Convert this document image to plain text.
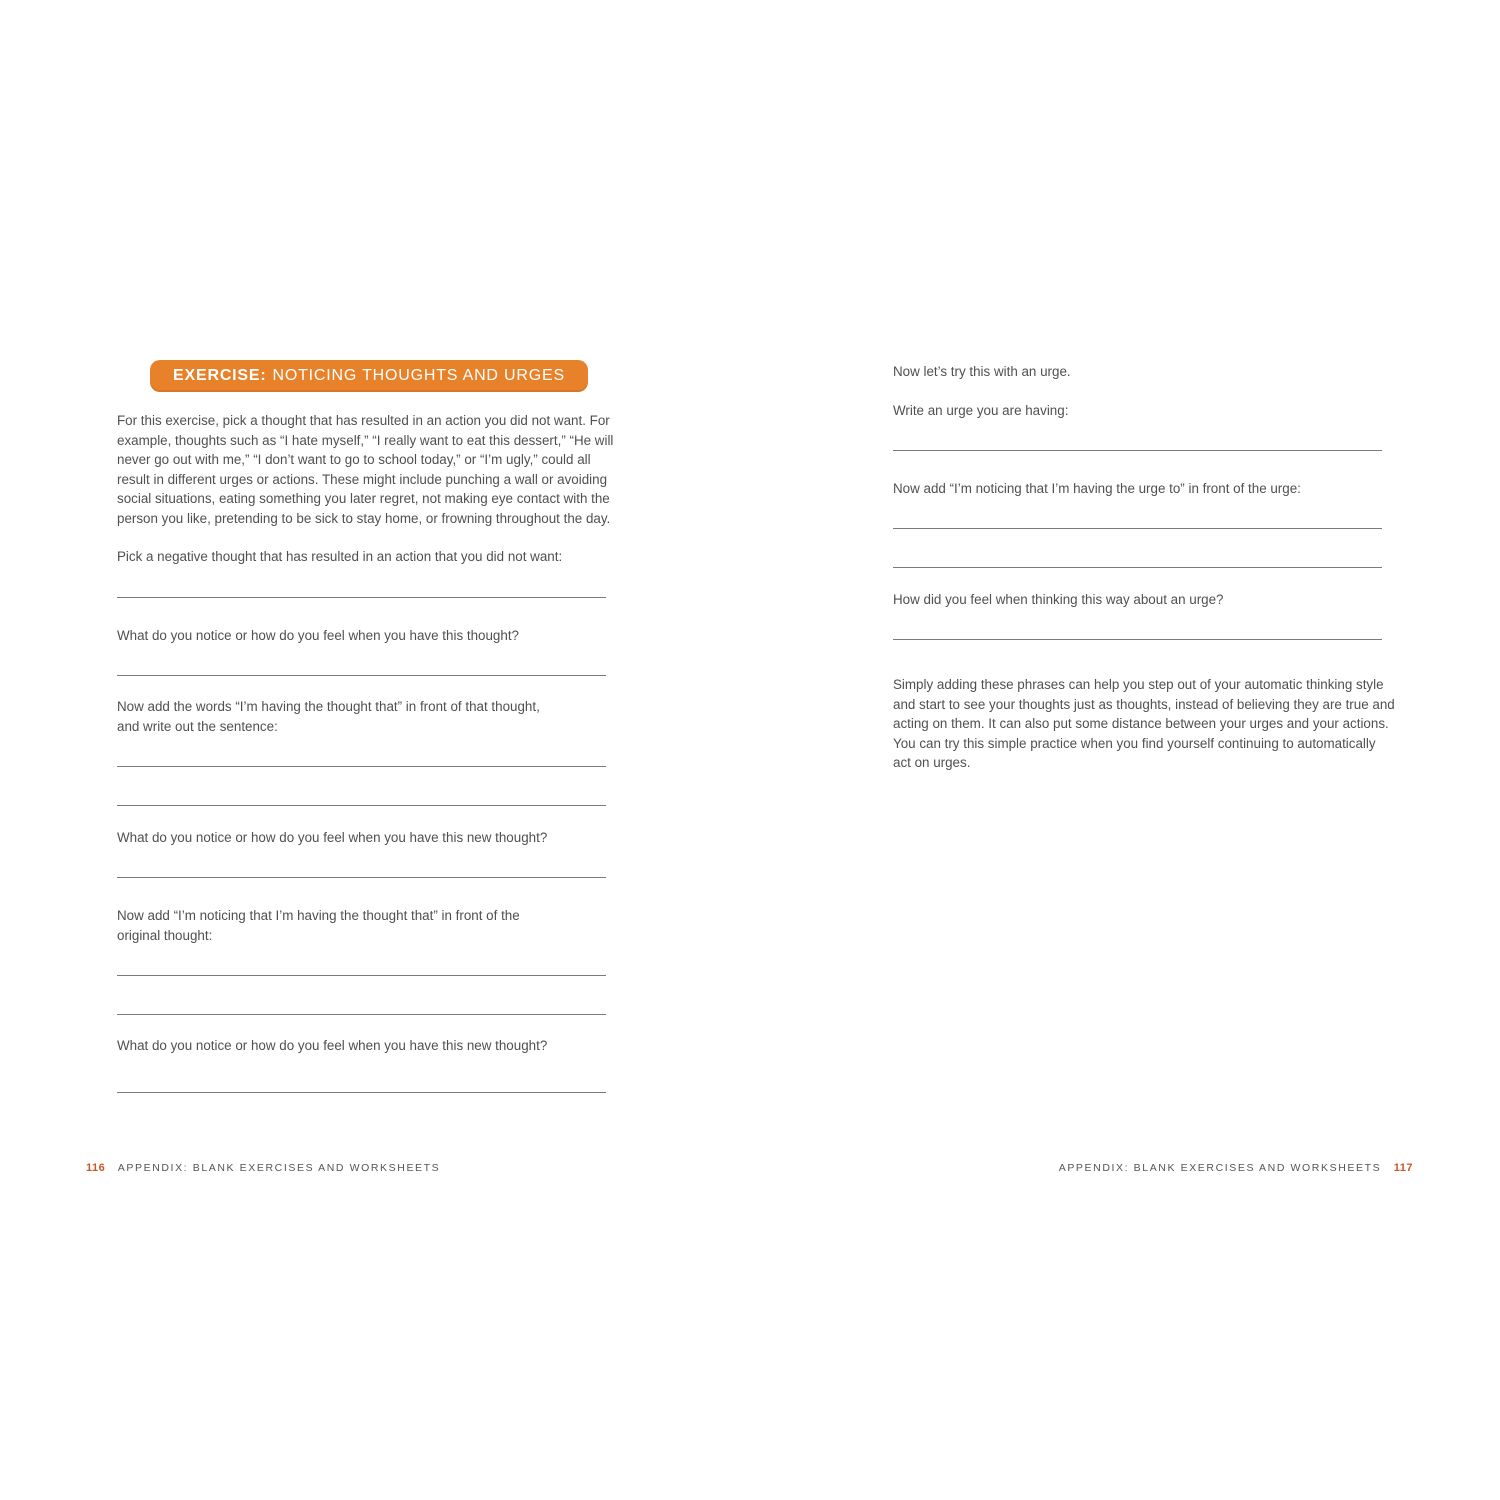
EXERCISE: NOTICING THOUGHTS AND URGES

For this exercise, pick a thought that has resulted in an action you did not want. For
example, thoughts such as “I hate myself,” “I really want to eat this dessert,” “He will
never go out with me,” “I don’t want to go to school today,” or “I’m ugly,” could all
result in different urges or actions. These might include punching a wall or avoiding
social situations, eating something you later regret, not making eye contact with the
person you like, pretending to be sick to stay home, or frowning throughout the day.

Pick a negative thought that has resulted in an action that you did not want:

What do you notice or how do you feel when you have this thought?

Now add the words “I’m having the thought that” in front of that thought,
and write out the sentence:

What do you notice or how do you feel when you have this new thought?

Now add “I’m noticing that I’m having the thought that” in front of the
original thought:

What do you notice or how do you feel when you have this new thought?

116 APPENDIX: BLANK EXERCISES AND WORKSHEETS

Now let’s try this with an urge.

Write an urge you are having:

Now add “I’m noticing that I’m having the urge to” in front of the urge:

How did you feel when thinking this way about an urge?

Simply adding these phrases can help you step out of your automatic thinking style
and start to see your thoughts just as thoughts, instead of believing they are true and
acting on them. It can also put some distance between your urges and your actions.
You can try this simple practice when you find yourself continuing to automatically
act on urges.

APPENDIX: BLANK EXERCISES AND WORKSHEETS 117
